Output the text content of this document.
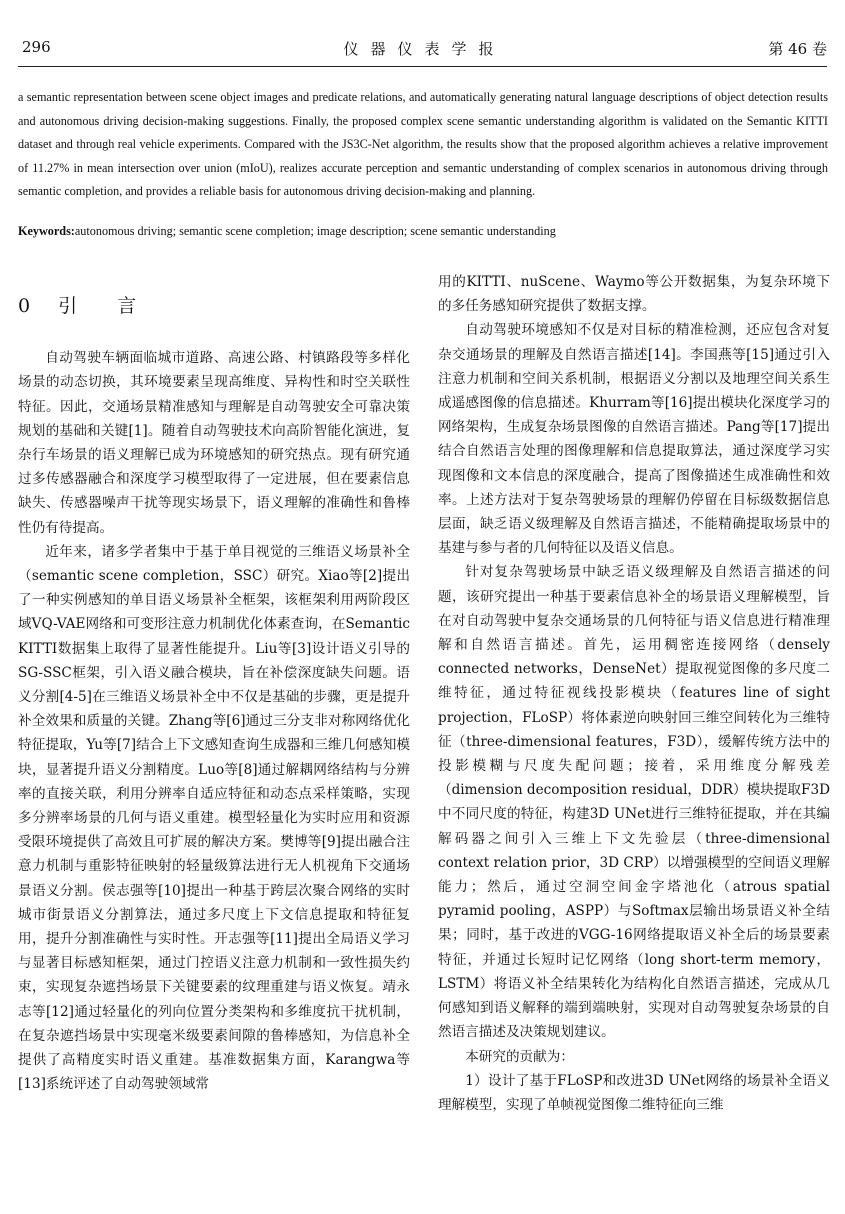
296	仪器仪表学报	第 46 卷
a semantic representation between scene object images and predicate relations, and automatically generating natural language descriptions of object detection results and autonomous driving decision-making suggestions. Finally, the proposed complex scene semantic understanding algorithm is validated on the Semantic KITTI dataset and through real vehicle experiments. Compared with the JS3C-Net algorithm, the results show that the proposed algorithm achieves a relative improvement of 11.27% in mean intersection over union (mIoU), realizes accurate perception and semantic understanding of complex scenarios in autonomous driving through semantic completion, and provides a reliable basis for autonomous driving decision-making and planning.
Keywords:autonomous driving; semantic scene completion; image description; scene semantic understanding
0 引 言

自动驾驶车辆面临城市道路、高速公路、村镇路段等多样化场景的动态切换，其环境要素呈现高维度、异构性和时空关联性特征。因此，交通场景精准感知与理解是自动驾驶安全可靠决策规划的基础和关键[1]。随着自动驾驶技术向高阶智能化演进，复杂行车场景的语义理解已成为环境感知的研究热点。现有研究通过多传感器融合和深度学习模型取得了一定进展，但在要素信息缺失、传感器噪声干扰等现实场景下，语义理解的准确性和鲁棒性仍有待提高。

近年来，诸多学者集中于基于单目视觉的三维语义场景补全（semantic scene completion，SSC）研究。Xiao等[2]提出了一种实例感知的单目语义场景补全框架，该框架利用两阶段区域VQ-VAE网络和可变形注意力机制优化体素查询，在Semantic KITTI数据集上取得了显著性能提升。Liu等[3]设计语义引导的SG-SSC框架，引入语义融合模块，旨在补偿深度缺失问题。语义分割[4-5]在三维语义场景补全中不仅是基础的步骤，更是提升补全效果和质量的关键。Zhang等[6]通过三分支非对称网络优化特征提取，Yu等[7]结合上下文感知查询生成器和三维几何感知模块，显著提升语义分割精度。Luo等[8]通过解耦网络结构与分辨率的直接关联，利用分辨率自适应特征和动态点采样策略，实现多分辨率场景的几何与语义重建。模型轻量化为实时应用和资源受限环境提供了高效且可扩展的解决方案。樊博等[9]提出融合注意力机制与重影特征映射的轻量级算法进行无人机视角下交通场景语义分割。侯志强等[10]提出一种基于跨层次聚合网络的实时城市街景语义分割算法，通过多尺度上下文信息提取和特征复用，提升分割准确性与实时性。开志强等[11]提出全局语义学习与显著目标感知框架，通过门控语义注意力机制和一致性损失约束，实现复杂遮挡场景下关键要素的纹理重建与语义恢复。靖永志等[12]通过轻量化的列向位置分类架构和多维度抗干扰机制，在复杂遮挡场景中实现毫米级要素间隙的鲁棒感知，为信息补全提供了高精度实时语义重建。基准数据集方面，Karangwa等[13]系统评述了自动驾驶领域常

用的KITTI、nuScene、Waymo等公开数据集，为复杂环境下的多任务感知研究提供了数据支撑。

自动驾驶环境感知不仅是对目标的精准检测，还应包含对复杂交通场景的理解及自然语言描述[14]。李国燕等[15]通过引入注意力机制和空间关系机制，根据语义分割以及地理空间关系生成遥感图像的信息描述。Khurram等[16]提出模块化深度学习的网络架构，生成复杂场景图像的自然语言描述。Pang等[17]提出结合自然语言处理的图像理解和信息提取算法，通过深度学习实现图像和文本信息的深度融合，提高了图像描述生成准确性和效率。上述方法对于复杂驾驶场景的理解仍停留在目标级数据信息层面，缺乏语义级理解及自然语言描述，不能精确提取场景中的基建与参与者的几何特征以及语义信息。

针对复杂驾驶场景中缺乏语义级理解及自然语言描述的问题，该研究提出一种基于要素信息补全的场景语义理解模型，旨在对自动驾驶中复杂交通场景的几何特征与语义信息进行精准理解和自然语言描述。首先，运用稠密连接网络（densely connected networks，DenseNet）提取视觉图像的多尺度二维特征，通过特征视线投影模块（features line of sight projection，FLoSP）将体素逆向映射回三维空间转化为三维特征（three-dimensional features，F3D），缓解传统方法中的投影模糊与尺度失配问题；接着，采用维度分解残差（dimension decomposition residual，DDR）模块提取F3D中不同尺度的特征，构建3D UNet进行三维特征提取，并在其编解码器之间引入三维上下文先验层（three-dimensional context relation prior，3D CRP）以增强模型的空间语义理解能力；然后，通过空洞空间金字塔池化（atrous spatial pyramid pooling，ASPP）与Softmax层输出场景语义补全结果；同时，基于改进的VGG-16网络提取语义补全后的场景要素特征，并通过长短时记忆网络（long short-term memory，LSTM）将语义补全结果转化为结构化自然语言描述，完成从几何感知到语义解释的端到端映射，实现对自动驾驶复杂场景的自然语言描述及决策规划建议。

本研究的贡献为：

1）设计了基于FLoSP和改进3D UNet网络的场景补全语义理解模型，实现了单帧视觉图像二维特征向三维
